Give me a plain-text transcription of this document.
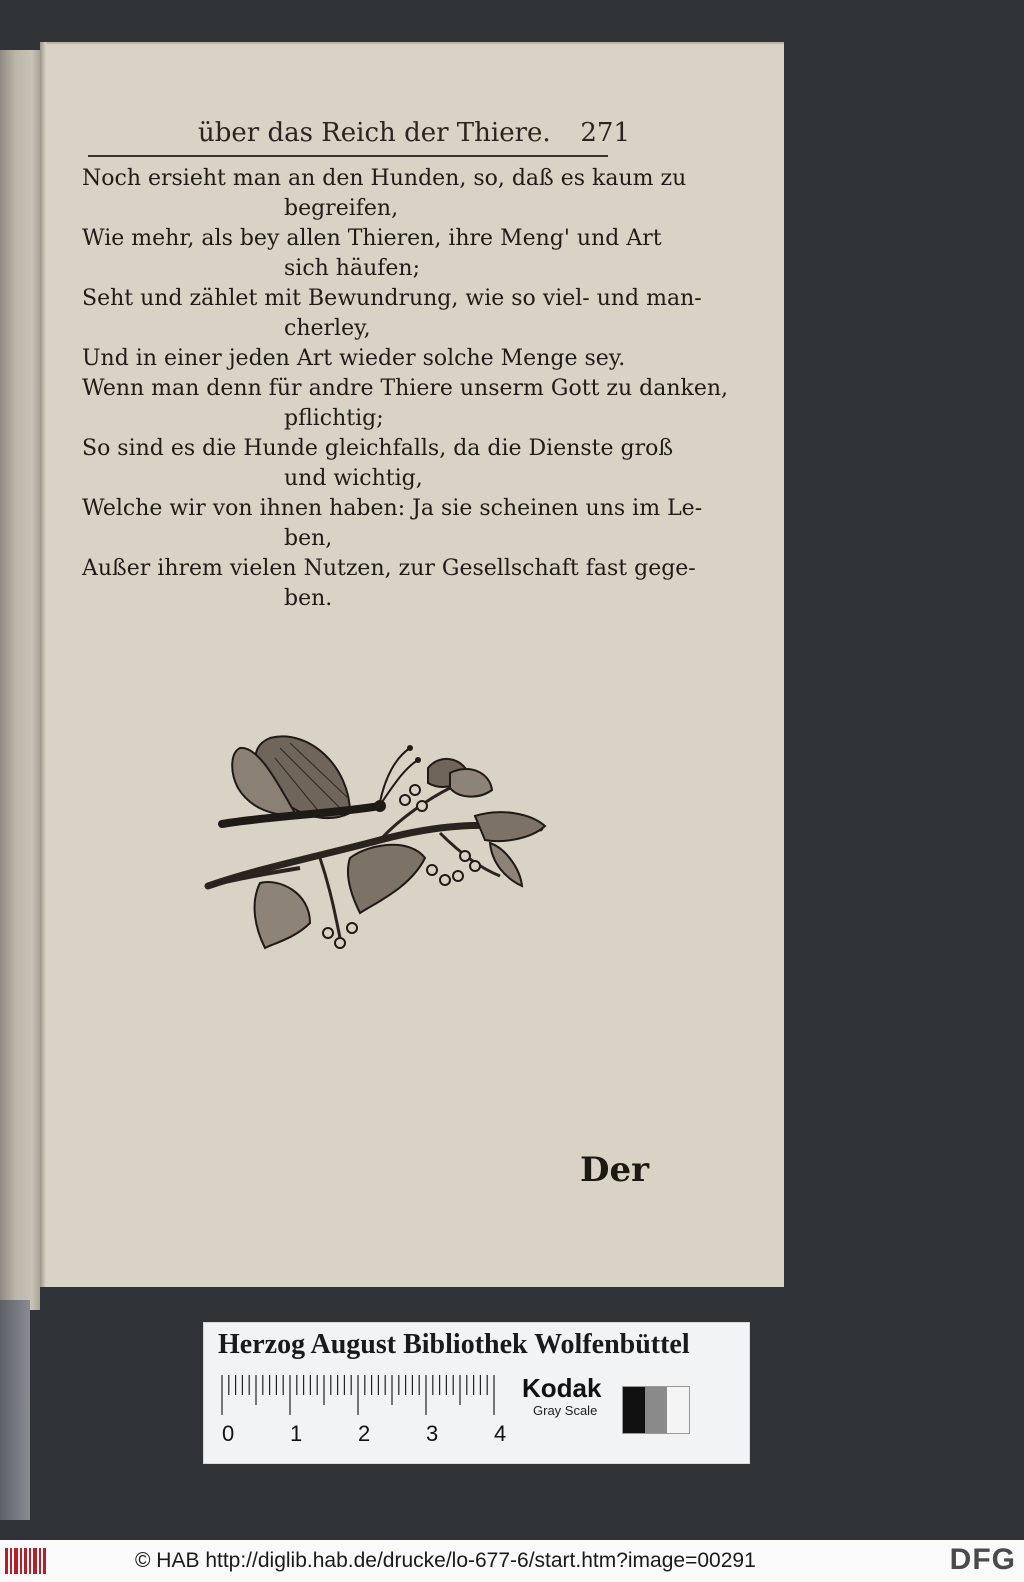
über das Reich der Thiere. 271

Noch ersieht man an den Hunden, so, daß es kaum zu

begreifen,

Wie mehr, als bey allen Thieren, ihre Meng' und Art

sich häufen;

Seht und zählet mit Bewundrung, wie so viel- und man-

cherley,

Und in einer jeden Art wieder solche Menge sey.

Wenn man denn für andre Thiere unserm Gott zu danken,

pflichtig;

So sind es die Hunde gleichfalls, da die Dienste groß

und wichtig,

Welche wir von ihnen haben: Ja sie scheinen uns im Le-

ben,

Außer ihrem vielen Nutzen, zur Gesellschaft fast gege-

ben.

Der
Herzog August Bibliothek Wolfenbüttel
0	1	2	3	4
Kodak
Gray Scale
© HAB http://diglib.hab.de/drucke/lo-677-6/start.htm?image=00291	DFG
